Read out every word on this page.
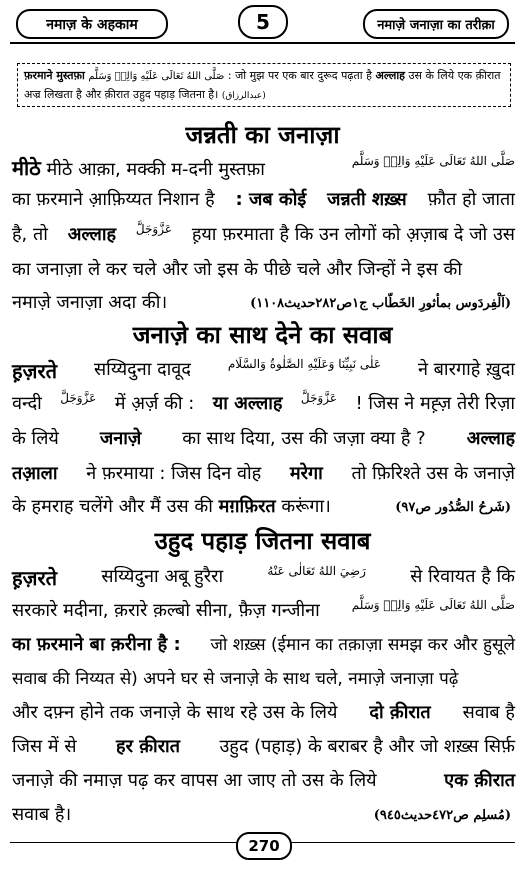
नमाज़ के अहकाम	5	नमाज़े जनाज़ा का तरीक़ा
फ़रमाने मुस्तफ़ा صَلَّى اللهُ تَعَالَى عَلَيْهِ وَالِهٖ وَسَلَّم : जो मुझ पर एक बार दुरूद पढ़ता है अल्लाह उस के लिये एक क़ीरात
अज्र लिखता है और क़ीरात उहुद पहाड़ जितना है। (عبدالرزاق)
जन्नती का जनाज़ा
मीठे मीठे आक़ा, मक्की म-दनी मुस्तफ़ा	صَلَّى اللهُ تَعَالَى عَلَيْهِ وَالِهٖ وَسَلَّم
का फ़रमाने आ़फ़िय्यत निशान है : जब कोई जन्नती शख़्स फ़ौत हो जाता
है, तो अल्लाह عَزَّوَجَلَّ ह़या फ़रमाता है कि उन लोगों को अ़ज़ाब दे जो उस
का जनाज़ा ले कर चले और जो इस के पीछे चले और जिन्हों ने इस की
नमाज़े जनाज़ा अदा की।	(اَلْفِردَوس بمأثورِ الخَطّاب ج١ص٢٨٢حديث١١٠٨)
जनाज़े का साथ देने का सवाब
ह़ज़रते सय्यिदुना दावूद	عَلٰى نَبِيِّنَا وَعَلَيْهِ الصَّلٰوةُ وَالسَّلَام ने बारगाहे ख़ुदा
वन्दी عَزَّوَجَلَّ में अ़र्ज़ की : या अल्लाह عَزَّوَجَلَّ ! जिस ने मह़्ज़ तेरी रिज़ा
के लिये जनाज़े का साथ दिया, उस की जज़ा क्या है ? अल्लाह
तआ़ला ने फ़रमाया : जिस दिन वोह मरेगा तो फ़िरिश्ते उस के जनाज़े
के हमराह चलेंगे और मैं उस की मग़फ़िरत करूंगा।	(شَرحُ الصُّدُور ص٩٧)
उहुद पहाड़ जितना सवाब
ह़ज़रते सय्यिदुना अबू हुरैरा	رَضِيَ اللهُ تَعَالٰى عَنْهُ से रिवायत है कि
सरकारे मदीना, क़रारे क़ल्बो सीना, फ़ैज़ गन्जीना	صَلَّى اللهُ تَعَالَى عَلَيْهِ وَالِهٖ وَسَلَّم
का फ़रमाने बा क़रीना है : जो शख़्स (ईमान का तक़ाज़ा समझ कर और हुसूले
सवाब की निय्यत से) अपने घर से जनाज़े के साथ चले, नमाज़े जनाज़ा पढ़े
और दफ़्न होने तक जनाज़े के साथ रहे उस के लिये दो क़ीरात सवाब है
जिस में से हर क़ीरात उहुद (पहाड़) के बराबर है और जो शख़्स सिर्फ़
जनाज़े की नमाज़ पढ़ कर वापस आ जाए तो उस के लिये	एक क़ीरात
सवाब है।	(مُسلِم ص٤٧٢حديث٩٤٥)
270
